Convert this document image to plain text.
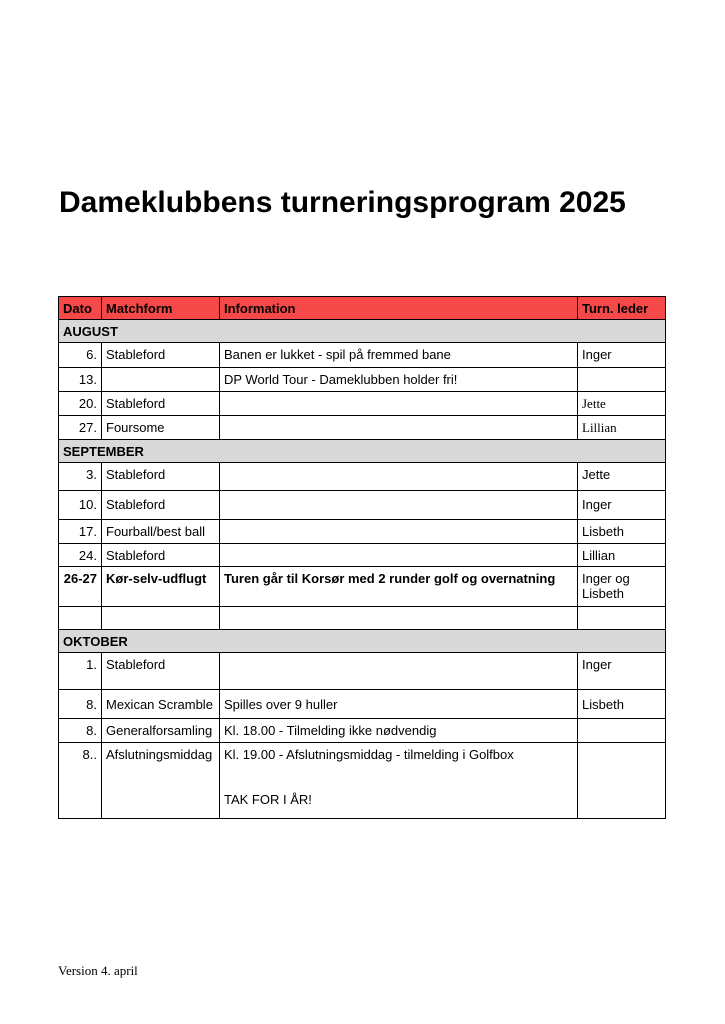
Dameklubbens turneringsprogram 2025
Dato	Matchform	Information	Turn. leder
AUGUST			
6.	Stableford	Banen er lukket - spil på fremmed bane	Inger
13.		DP World Tour - Dameklubben holder fri!	
20.	Stableford		Jette
27.	Foursome		Lillian
SEPTEMBER			
3.	Stableford		Jette
10.	Stableford		Inger
17.	Fourball/best ball		Lisbeth
24.	Stableford		Lillian
26-27	Kør-selv-udflugt	Turen går til Korsør med 2 runder golf og overnatning	Inger og
Lisbeth

OKTOBER			
1.	Stableford		Inger
8.	Mexican Scramble	Spilles over 9 huller	Lisbeth
8.	Generalforsamling	Kl. 18.00 - Tilmelding ikke nødvendig	
8..	Afslutningsmiddag	Kl. 19.00 - Afslutningsmiddag - tilmelding i Golfbox
TAK FOR I ÅR!	

Version 4. april
